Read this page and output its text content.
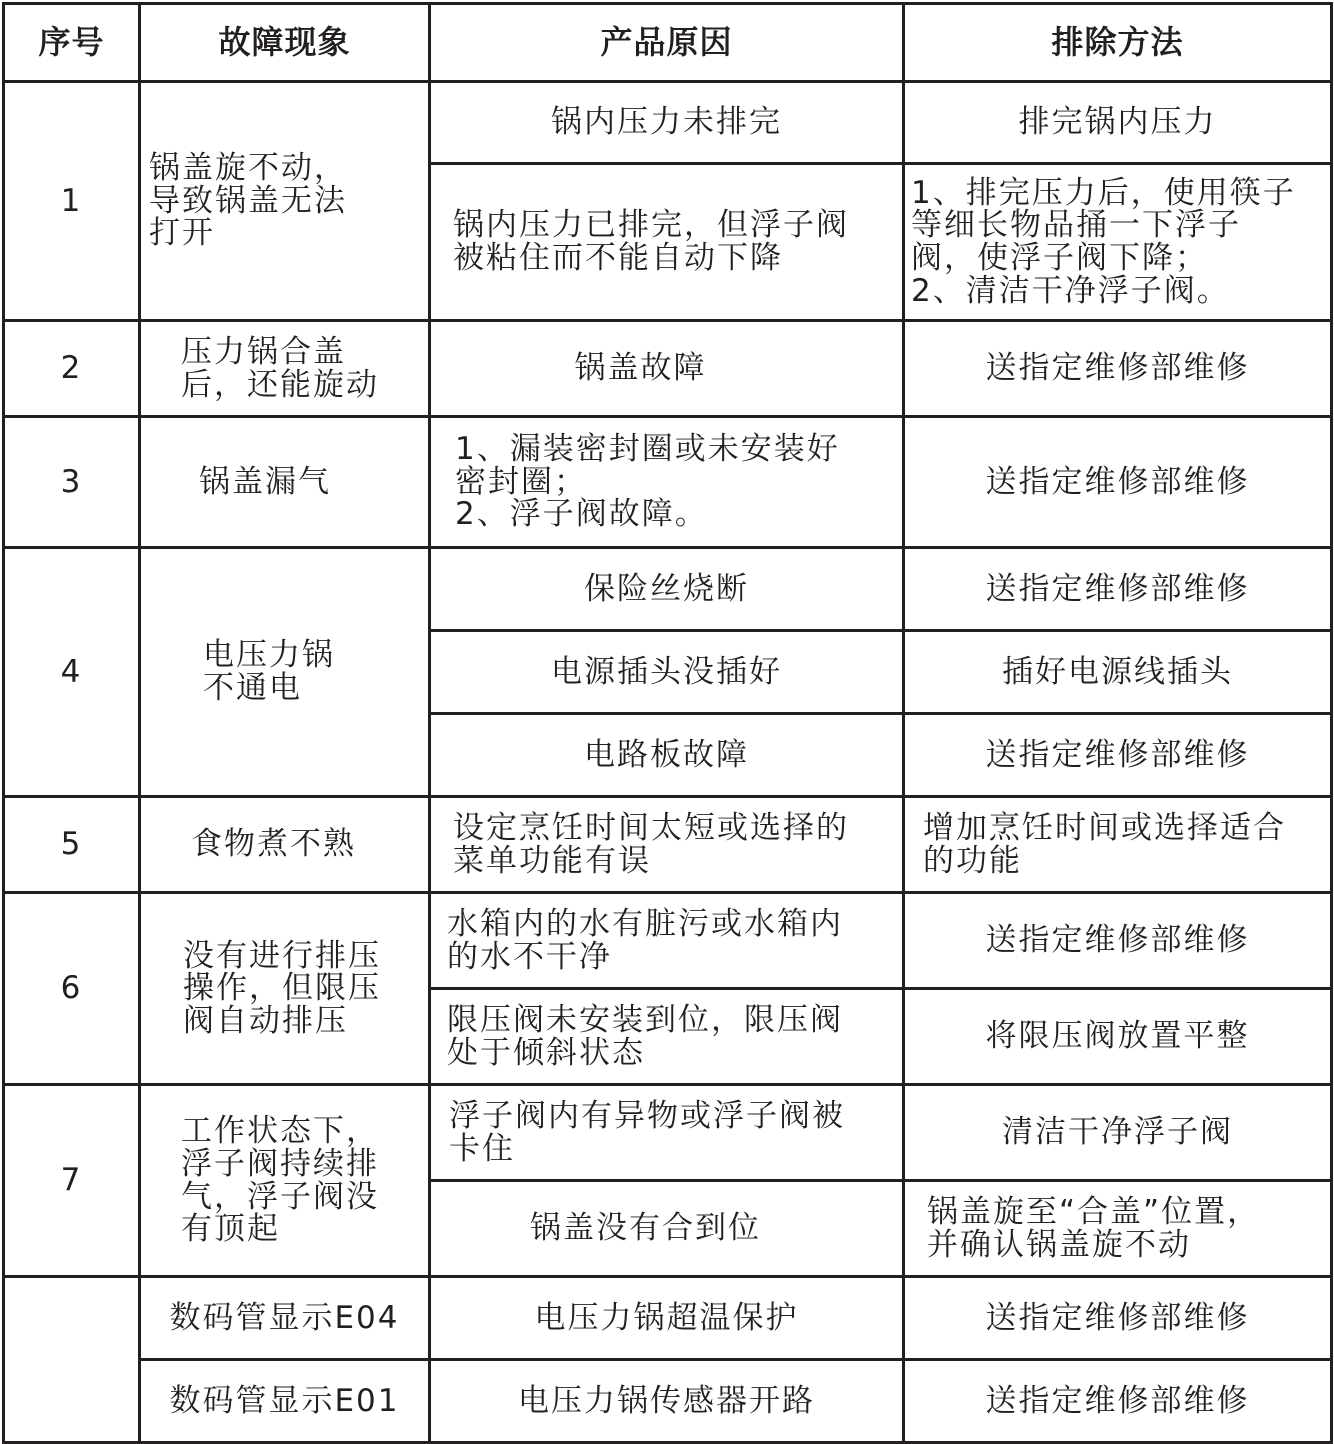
序号	故障现象	产品原因	排除方法
1	锅盖旋不动，
导致锅盖无法
打开	锅内压力未排完	排完锅内压力
		锅内压力已排完，但浮子阀
被粘住而不能自动下降	1、排完压力后，使用筷子
等细长物品捅一下浮子
阀，使浮子阀下降；
2、清洁干净浮子阀。
2	压力锅合盖
后，还能旋动	锅盖故障	送指定维修部维修
3	锅盖漏气	1、漏装密封圈或未安装好
密封圈；
2、浮子阀故障。	送指定维修部维修
4	电压力锅
不通电	保险丝烧断	送指定维修部维修
		电源插头没插好	插好电源线插头
		电路板故障	送指定维修部维修
5	食物煮不熟	设定烹饪时间太短或选择的
菜单功能有误	增加烹饪时间或选择适合
的功能
6	没有进行排压
操作，但限压
阀自动排压	水箱内的水有脏污或水箱内
的水不干净	送指定维修部维修
		限压阀未安装到位，限压阀
处于倾斜状态	将限压阀放置平整
7	工作状态下，
浮子阀持续排
气，浮子阀没
有顶起	浮子阀内有异物或浮子阀被
卡住	清洁干净浮子阀
		锅盖没有合到位	锅盖旋至“合盖”位置，
并确认锅盖旋不动
	数码管显示E04	电压力锅超温保护	送指定维修部维修
	数码管显示E01	电压力锅传感器开路	送指定维修部维修
